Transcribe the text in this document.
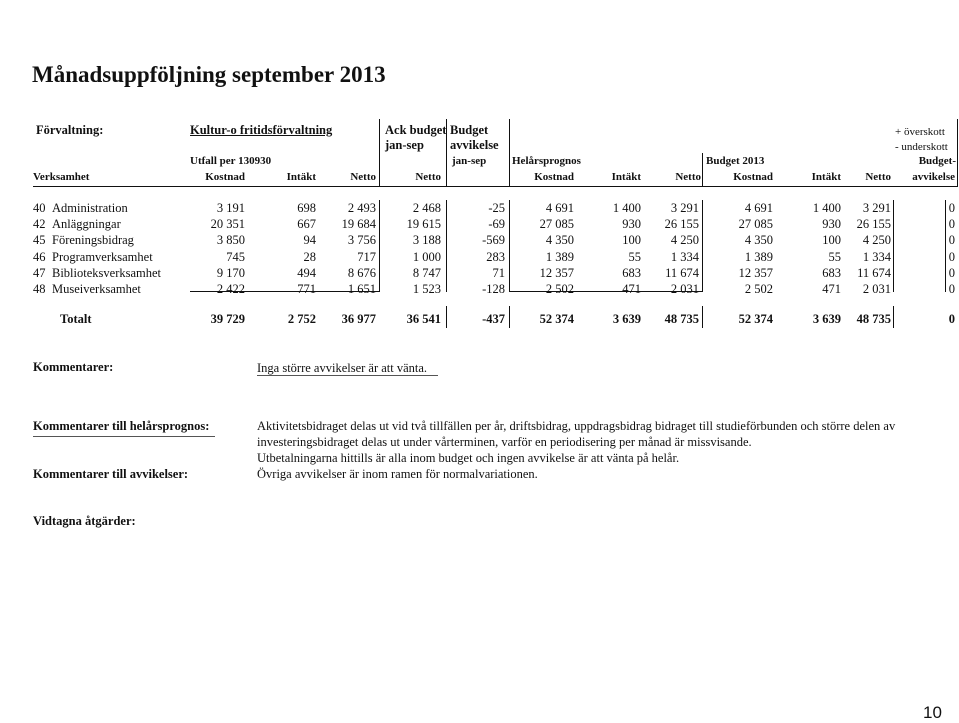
Månadsuppföljning september 2013
Förvaltning:	Kultur-o fritidsförvaltning	Ack budget
jan-sep
Budget
avvikelse
jan-sep
+ överskott
- underskott
Utfall per 130930	Helårsprognos	Budget 2013	Budget-
Verksamhet	Kostnad	Intäkt	Netto	Netto	Kostnad	Intäkt	Netto	Kostnad	Intäkt	Netto	avvikelse
40 Administration	3 191	698	2 493	2 468	-25	4 691	1 400	3 291	4 691	1 400	3 291	0
42 Anläggningar	20 351	667	19 684	19 615	-69	27 085	930	26 155	27 085	930	26 155	0
45 Föreningsbidrag	3 850	94	3 756	3 188	-569	4 350	100	4 250	4 350	100	4 250	0
46 Programverksamhet	745	28	717	1 000	283	1 389	55	1 334	1 389	55	1 334	0
47 Biblioteksverksamhet	9 170	494	8 676	8 747	71	12 357	683	11 674	12 357	683	11 674	0
48 Museiverksamhet	2 422	771	1 651	1 523	-128	2 502	471	2 031	2 502	471	2 031	0
Totalt	39 729	2 752	36 977	36 541	-437	52 374	3 639	48 735	52 374	3 639	48 735	0
Kommentarer:	Inga större avvikelser är att vänta.
Kommentarer till helårsprognos:	Aktivitetsbidraget delas ut vid två tillfällen per år, driftsbidrag, uppdragsbidrag bidraget till studieförbunden och större delen av
investeringsbidraget delas ut under vårterminen, varför en periodisering per månad är missvisande.
Utbetalningarna hittills är alla inom budget och ingen avvikelse är att vänta på helår.
Kommentarer till avvikelser:	Övriga avvikelser är inom ramen för normalvariationen.
Vidtagna åtgärder:
10
